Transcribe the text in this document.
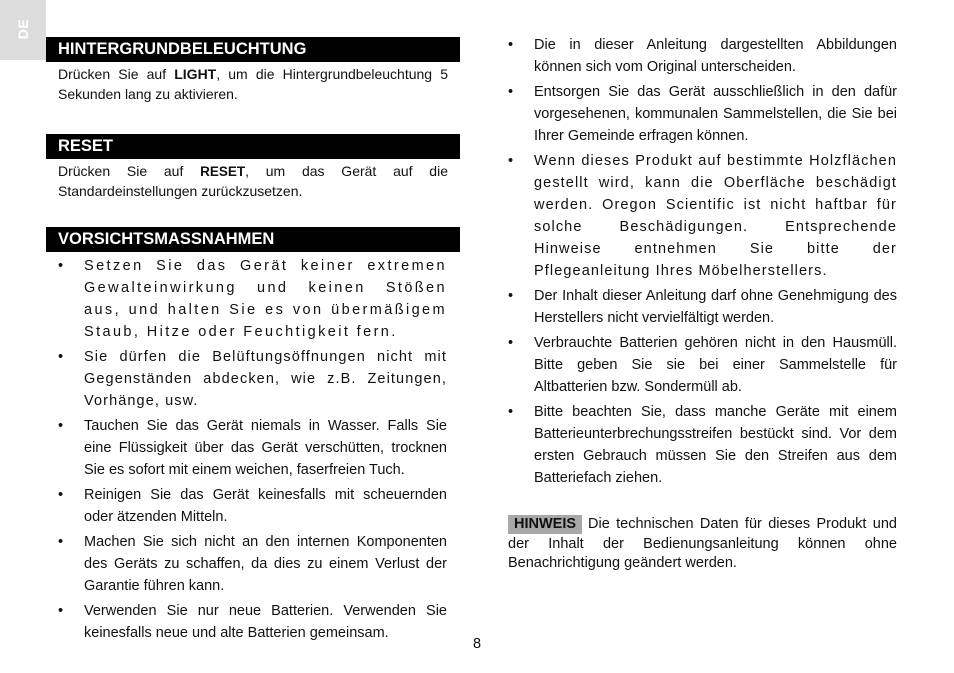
DE
HINTERGRUNDBELEUCHTUNG

Drücken Sie auf LIGHT, um die Hintergrundbeleuchtung 5 Sekunden lang zu aktivieren.

RESET

Drücken Sie auf RESET, um das Gerät auf die Standardeinstellungen zurückzusetzen.

VORSICHTSMASSNAHMEN
• Setzen Sie das Gerät keiner extremen Gewalteinwirkung und keinen Stößen aus, und halten Sie es von übermäßigem Staub, Hitze oder Feuchtigkeit fern.
• Sie dürfen die Belüftungsöffnungen nicht mit Gegenständen abdecken, wie z.B. Zeitungen, Vorhänge, usw.
• Tauchen Sie das Gerät niemals in Wasser. Falls Sie eine Flüssigkeit über das Gerät verschütten, trocknen Sie es sofort mit einem weichen, faserfreien Tuch.
• Reinigen Sie das Gerät keinesfalls mit scheuernden oder ätzenden Mitteln.
• Machen Sie sich nicht an den internen Komponenten des Geräts zu schaffen, da dies zu einem Verlust der Garantie führen kann.
• Verwenden Sie nur neue Batterien. Verwenden Sie keinesfalls neue und alte Batterien gemeinsam.
• Die in dieser Anleitung dargestellten Abbildungen können sich vom Original unterscheiden.
• Entsorgen Sie das Gerät ausschließlich in den dafür vorgesehenen, kommunalen Sammelstellen, die Sie bei Ihrer Gemeinde erfragen können.
• Wenn dieses Produkt auf bestimmte Holzflächen gestellt wird, kann die Oberfläche beschädigt werden. Oregon Scientific ist nicht haftbar für solche Beschädigungen. Entsprechende Hinweise entnehmen Sie bitte der Pflegeanleitung Ihres Möbelherstellers.
• Der Inhalt dieser Anleitung darf ohne Genehmigung des Herstellers nicht vervielfältigt werden.
• Verbrauchte Batterien gehören nicht in den Hausmüll. Bitte geben Sie sie bei einer Sammelstelle für Altbatterien bzw. Sondermüll ab.
• Bitte beachten Sie, dass manche Geräte mit einem Batterieunterbrechungsstreifen bestückt sind. Vor dem ersten Gebrauch müssen Sie den Streifen aus dem Batteriefach ziehen.

HINWEIS Die technischen Daten für dieses Produkt und der Inhalt der Bedienungsanleitung können ohne Benachrichtigung geändert werden.

8
